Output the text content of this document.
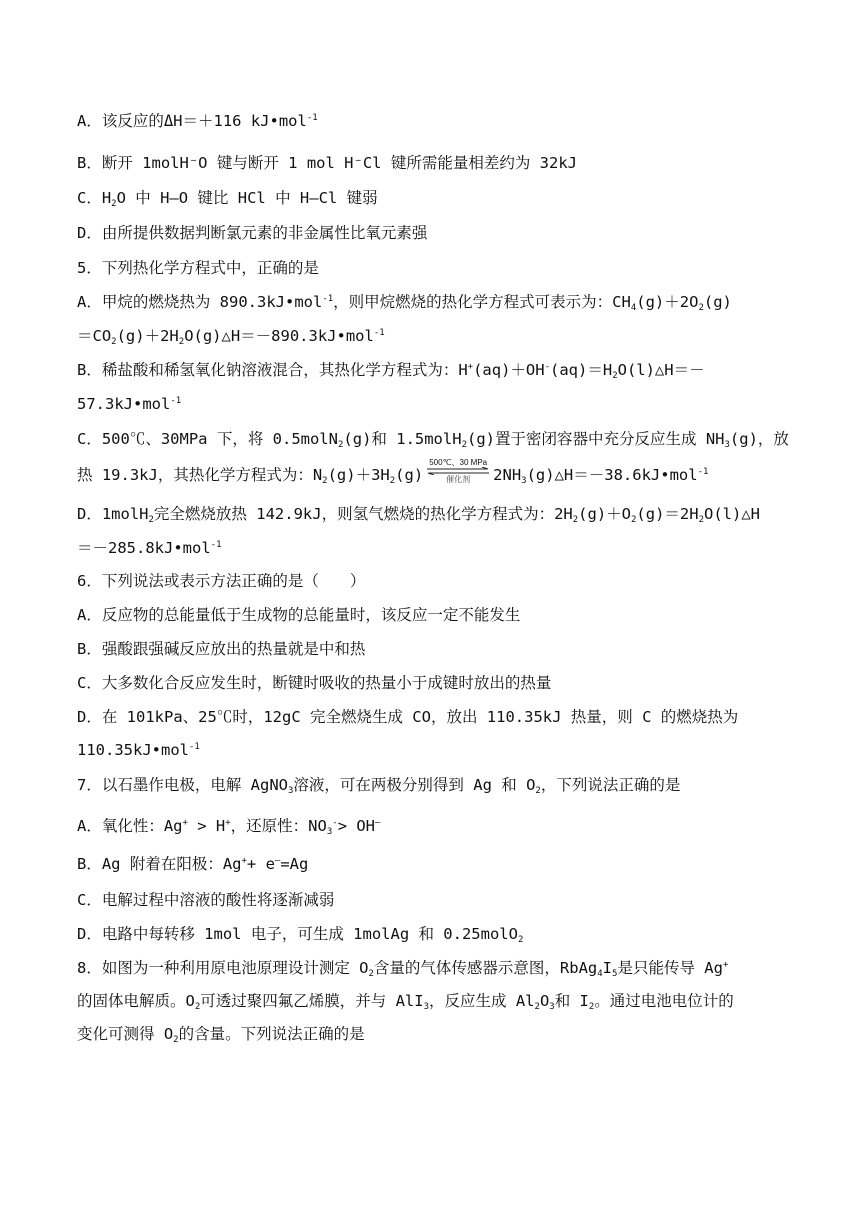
A．该反应的ΔH＝＋116 kJ•mol$^{-1}$
B．断开 1molH⁻O 键与断开 1 mol H⁻Cl 键所需能量相差约为 32kJ
C．$H_2O$ 中 H—O 键比 HCl 中 H—Cl 键弱
D．由所提供数据判断氯元素的非金属性比氧元素强
5．下列热化学方程式中，正确的是
A．甲烷的燃烧热为 890.3kJ•mol$^{-1}$，则甲烷燃烧的热化学方程式可表示为：$CH_4(g)+2O_2(g)$
$=CO_2(g)+2H_2O(g)\triangle H=-890.3kJ•mol^{-1}$
B．稀盐酸和稀氢氧化钠溶液混合，其热化学方程式为：$H^+(aq)+OH^-(aq)=H_2O(l)\triangle H=-$
57.3kJ•mol$^{-1}$
C．500℃、30MPa 下，将 0.5molN$_2$(g)和 1.5molH$_2$(g)置于密闭容器中充分反应生成 $NH_3(g)$，放
热 19.3kJ，其热化学方程式为：$N_2(g)+3H_2(g)$
500℃、30 MPa
催化剂	$2NH_3(g)\triangle H=-38.6kJ•mol^{-1}$
D．1molH$_2$完全燃烧放热 142.9kJ，则氢气燃烧的热化学方程式为：$2H_2(g)+O_2(g)=2H_2O(l)\triangle H$
＝－285.8kJ•mol$^{-1}$
6．下列说法或表示方法正确的是（　　）
A．反应物的总能量低于生成物的总能量时，该反应一定不能发生
B．强酸跟强碱反应放出的热量就是中和热
C．大多数化合反应发生时，断键时吸收的热量小于成键时放出的热量
D．在 101kPa、25℃时，12gC 完全燃烧生成 CO，放出 110.35kJ 热量，则 C 的燃烧热为
110.35kJ•mol$^{-1}$
7．以石墨作电极，电解 AgNO$_3$溶液，可在两极分别得到 Ag 和 $O_2$，下列说法正确的是
A．氧化性：Ag+ > H+，还原性：$NO_3^-> OH^—$
B．Ag 附着在阳极：Ag++ e—=Ag
C．电解过程中溶液的酸性将逐渐减弱
D．电路中每转移 1mol 电子，可生成 1molAg 和 0.25molO$_2$
8．如图为一种利用原电池原理设计测定 $O_2$含量的气体传感器示意图，$RbAg_4I_5$是只能传导 Ag+
的固体电解质。$O_2$可透过聚四氟乙烯膜，并与 AlI$_3$，反应生成 $Al_2O_3$和 $I_2$。通过电池电位计的
变化可测得 $O_2$的含量。下列说法正确的是
